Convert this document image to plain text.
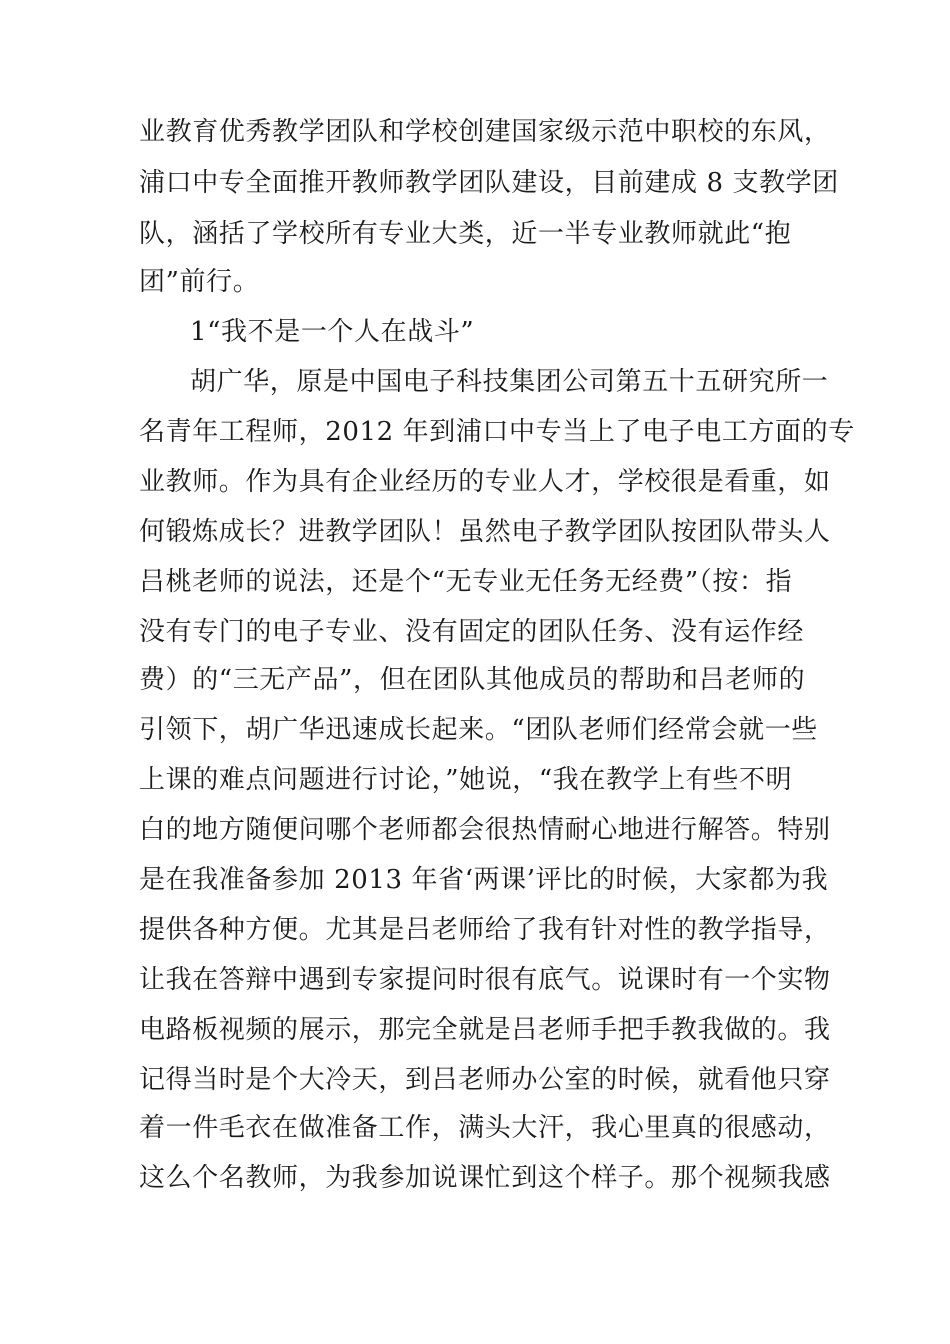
业教育优秀教学团队和学校创建国家级示范中职校的东风，
浦口中专全面推开教师教学团队建设，目前建成 8 支教学团
队，涵括了学校所有专业大类，近一半专业教师就此“抱
团”前行。
1“我不是一个人在战斗”
胡广华，原是中国电子科技集团公司第五十五研究所一
名青年工程师，2012 年到浦口中专当上了电子电工方面的专
业教师。作为具有企业经历的专业人才，学校很是看重，如
何锻炼成长？进教学团队！虽然电子教学团队按团队带头人
吕桃老师的说法，还是个“无专业无任务无经费”（按：指
没有专门的电子专业、没有固定的团队任务、没有运作经
费）的“三无产品”，但在团队其他成员的帮助和吕老师的
引领下，胡广华迅速成长起来。“团队老师们经常会就一些
上课的难点问题进行讨论，”她说，“我在教学上有些不明
白的地方随便问哪个老师都会很热情耐心地进行解答。特别
是在我准备参加 2013 年省‘两课’评比的时候，大家都为我
提供各种方便。尤其是吕老师给了我有针对性的教学指导，
让我在答辩中遇到专家提问时很有底气。说课时有一个实物
电路板视频的展示，那完全就是吕老师手把手教我做的。我
记得当时是个大冷天，到吕老师办公室的时候，就看他只穿
着一件毛衣在做准备工作，满头大汗，我心里真的很感动，
这么个名教师，为我参加说课忙到这个样子。那个视频我感
